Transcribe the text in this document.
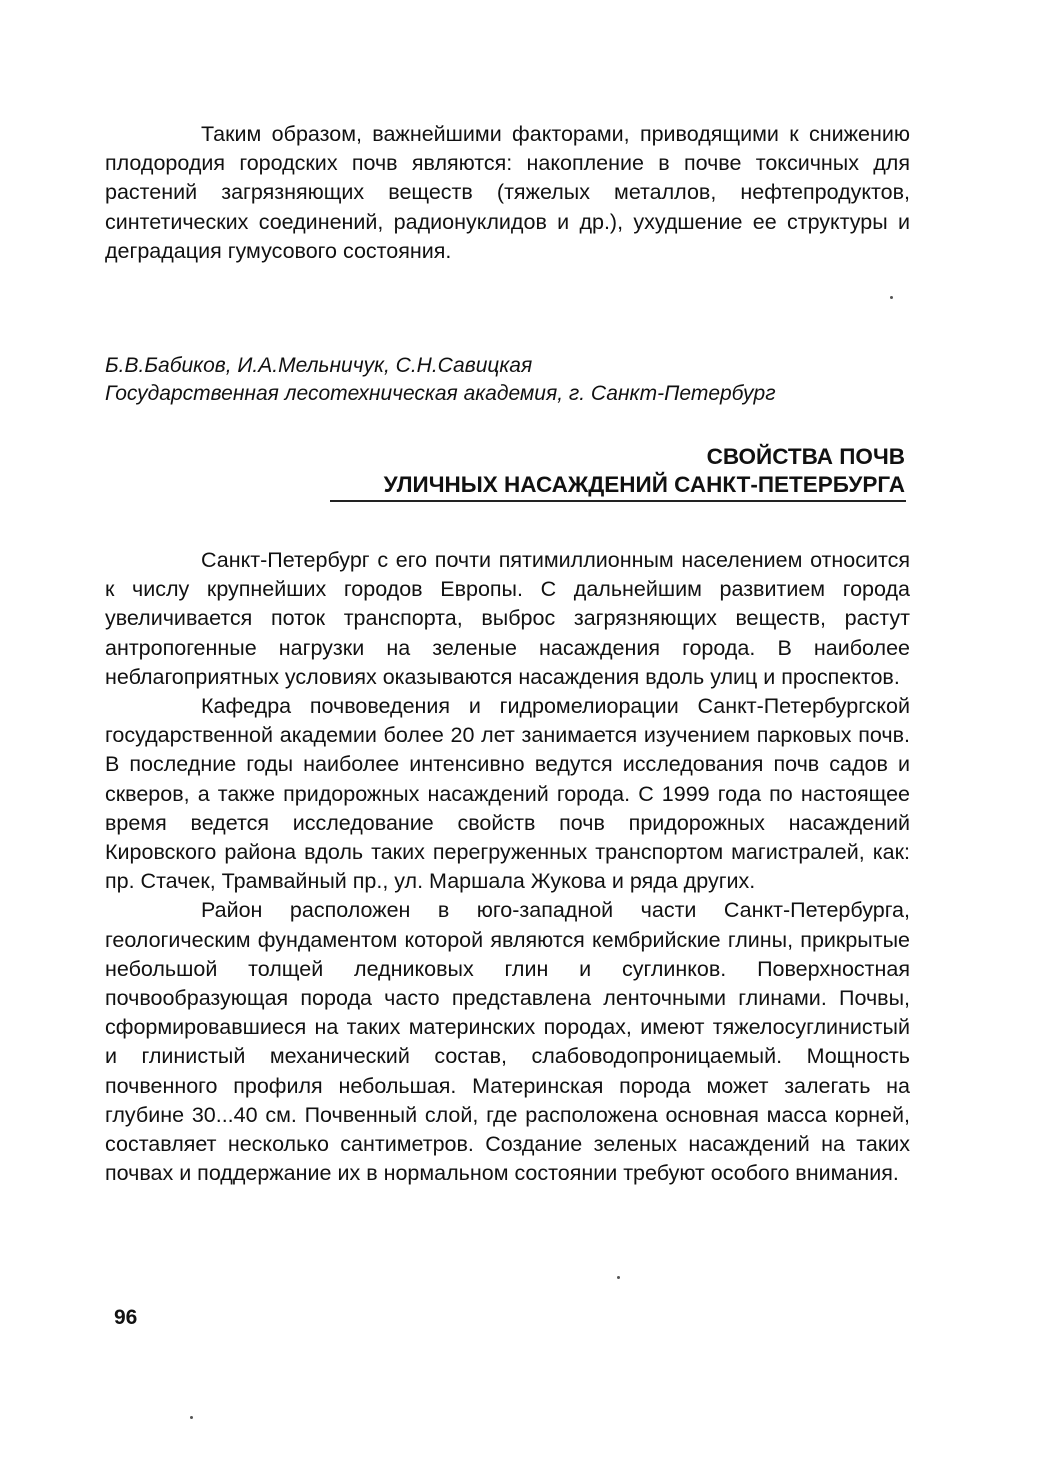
Таким образом, важнейшими факторами, приводящими к снижению плодородия городских почв являются: накопление в почве токсичных для растений загрязняющих веществ (тяжелых металлов, нефтепродуктов, синтетических соединений, радионуклидов и др.), ухудшение ее структуры и деградация гумусового состояния.

Б.В.Бабиков, И.А.Мельничук, С.Н.Савицкая
Государственная лесотехническая академия, г. Санкт-Петербург
СВОЙСТВА ПОЧВ
УЛИЧНЫХ НАСАЖДЕНИЙ САНКТ-ПЕТЕРБУРГА

Санкт-Петербург с его почти пятимиллионным населением относится к числу крупнейших городов Европы. С дальнейшим развитием города увеличивается поток транспорта, выброс загрязняющих веществ, растут антропогенные нагрузки на зеленые насаждения города. В наиболее неблагоприятных условиях оказываются насаждения вдоль улиц и проспектов.

Кафедра почвоведения и гидромелиорации Санкт-Петербургской государственной академии более 20 лет занимается изучением парковых почв. В последние годы наиболее интенсивно ведутся исследования почв садов и скверов, а также придорожных насаждений города. С 1999 года по настоящее время ведется исследование свойств почв придорожных насаждений Кировского района вдоль таких перегруженных транспортом магистралей, как: пр. Стачек, Трамвайный пр., ул. Маршала Жукова и ряда других.

Район расположен в юго-западной части Санкт-Петербурга, геологическим фундаментом которой являются кембрийские глины, прикрытые небольшой толщей ледниковых глин и суглинков. Поверхностная почвообразующая порода часто представлена ленточными глинами. Почвы, сформировавшиеся на таких материнских породах, имеют тяжелосуглинистый и глинистый механический состав, слабоводопроницаемый. Мощность почвенного профиля небольшая. Материнская порода может залегать на глубине 30...40 см. Почвенный слой, где расположена основная масса корней, составляет несколько сантиметров. Создание зеленых насаждений на таких почвах и поддержание их в нормальном состоянии требуют особого внимания.

96
